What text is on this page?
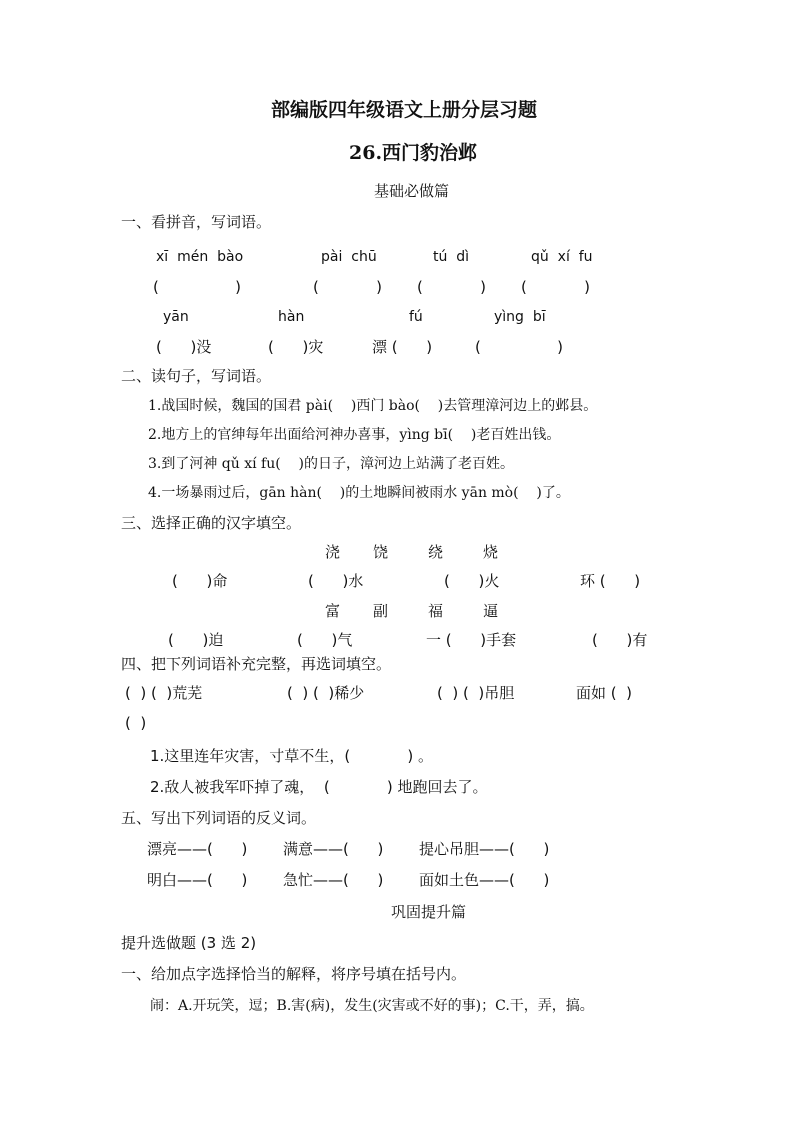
部编版四年级语文上册分层习题
26.西门豹治邺
基础必做篇
一、看拼音，写词语。
xī  mén  bào	pài  chū	tú  dì	qǔ  xí  fu
(                )	(            ) (            ) (            )
yān	hàn	fú	yìng  bī
(      )没	(      )灾	漂 (      )	(                )
二、读句子，写词语。
1.战国时候，魏国的国君 pài(    )西门 bào(    )去管理漳河边上的邺县。
2.地方上的官绅每年出面给河神办喜事，yìng bī(    )老百姓出钱。
3.到了河神 qǔ xí fu(    )的日子，漳河边上站满了老百姓。
4.一场暴雨过后，gān hàn(    )的土地瞬间被雨水 yān mò(    )了。
三、选择正确的汉字填空。
浇 饶	绕	烧
(      )命	(      )水	(      )火	环 (      )
富 副	福	逼
(      )迫	(      )气	一 (      )手套	(      )有
四、把下列词语补充完整，再选词填空。
(  ) (  )荒芜	(  ) (  )稀少	(  ) (  )吊胆	面如 (  )
(  )
1.这里连年灾害，寸草不生，(            ) 。
2.敌人被我军吓掉了魂，  (            ) 地跑回去了。
五、写出下列词语的反义词。
漂亮——(      ) 满意——(      ) 提心吊胆——(      )
明白——(      ) 急忙——(      ) 面如土色——(      )
巩固提升篇
提升选做题 (3 选 2)
一、给加点字选择恰当的解释，将序号填在括号内。
闹：A.开玩笑，逗；B.害(病)，发生(灾害或不好的事)；C.干，弄，搞。
